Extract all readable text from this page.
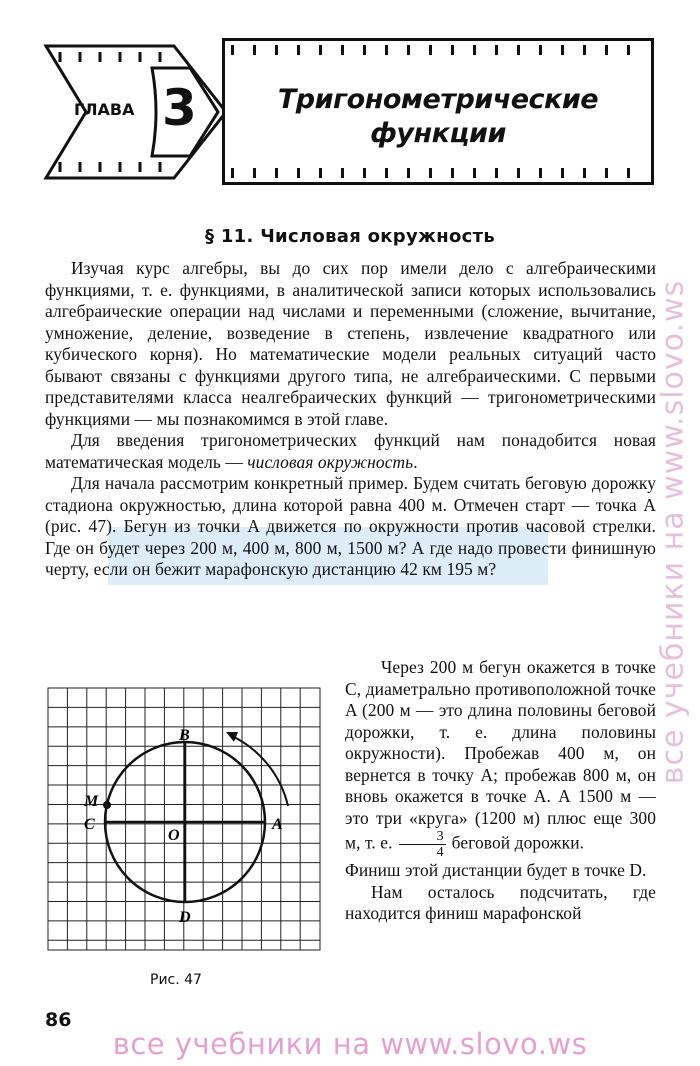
ГЛАВА 3	Тригонометрические
функции
§ 11. Числовая окружность

Изучая курс алгебры, вы до сих пор имели дело с алгебраическими функциями, т. е. функциями, в аналитической записи которых использовались алгебраические операции над числами и переменными (сложение, вычитание, умножение, деление, возведение в степень, извлечение квадратного или кубического корня). Но математические модели реальных ситуаций часто бывают связаны с функциями другого типа, не алгебраическими. С первыми представителями класса неалгебраических функций — тригонометрическими функциями — мы познакомимся в этой главе.

Для введения тригонометрических функций нам понадобится новая математическая модель — числовая окружность.

Для начала рассмотрим конкретный пример. Будем считать беговую дорожку стадиона окружностью, длина которой равна 400 м. Отмечен старт — точка A (рис. 47). Бегун из точки A движется по окружности против часовой стрелки. Где он будет через 200 м, 400 м, 800 м, 1500 м? А где надо провести финишную черту, если он бежит марафонскую дистанцию 42 км 195 м?

Через 200 м бегун окажется в точке C, диаметрально противоположной точке A (200 м — это длина половины беговой дорожки, т. е. длина половины окружности). Пробежав 400 м, он вернется в точку A; пробежав 800 м, он вновь окажется в точке A. А 1500 м — это три «круга» (1200 м) плюс еще 300 м, т. е. $\frac{3}{4}$ беговой дорожки.

Финиш этой дистанции будет в точке D.

Нам осталось подсчитать, где находится финиш марафонской

B
D
C	A
M
O
Рис. 47
все учебники на www.slovo.ws
86
все учебники на www.slovo.ws
